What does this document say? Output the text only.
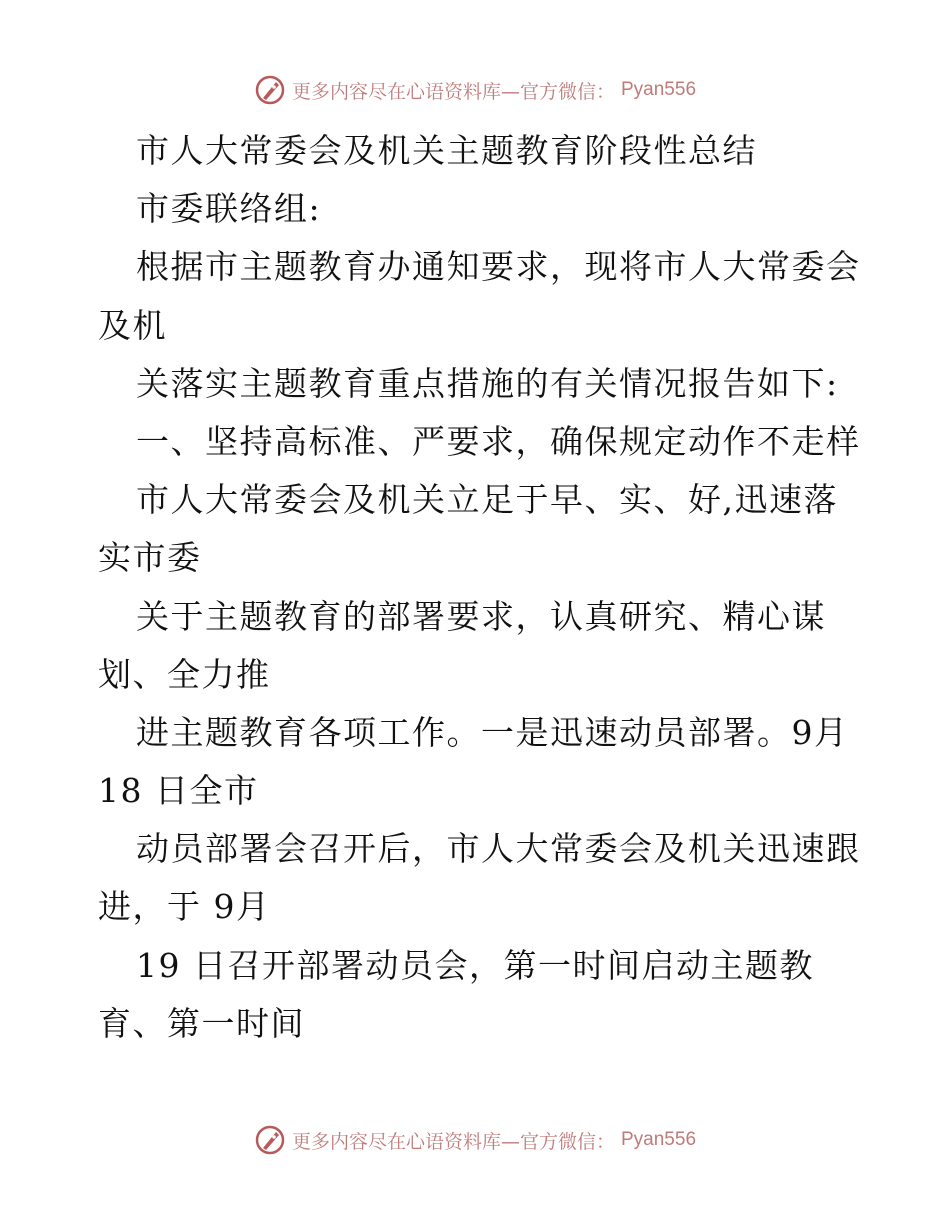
更多内容尽在心语资料库—官方微信： Pyan556
市人大常委会及机关主题教育阶段性总结
市委联络组:
根据市主题教育办通知要求，现将市人大常委会
及机
关落实主题教育重点措施的有关情况报告如下:
一、坚持高标准、严要求，确保规定动作不走样
市人大常委会及机关立足于早、实、好,迅速落
实市委
关于主题教育的部署要求，认真研究、精心谋
划、全力推
进主题教育各项工作。一是迅速动员部署。9月
18 日全市
动员部署会召开后，市人大常委会及机关迅速跟
进，于 9月
19 日召开部署动员会，第一时间启动主题教
育、第一时间
更多内容尽在心语资料库—官方微信： Pyan556
